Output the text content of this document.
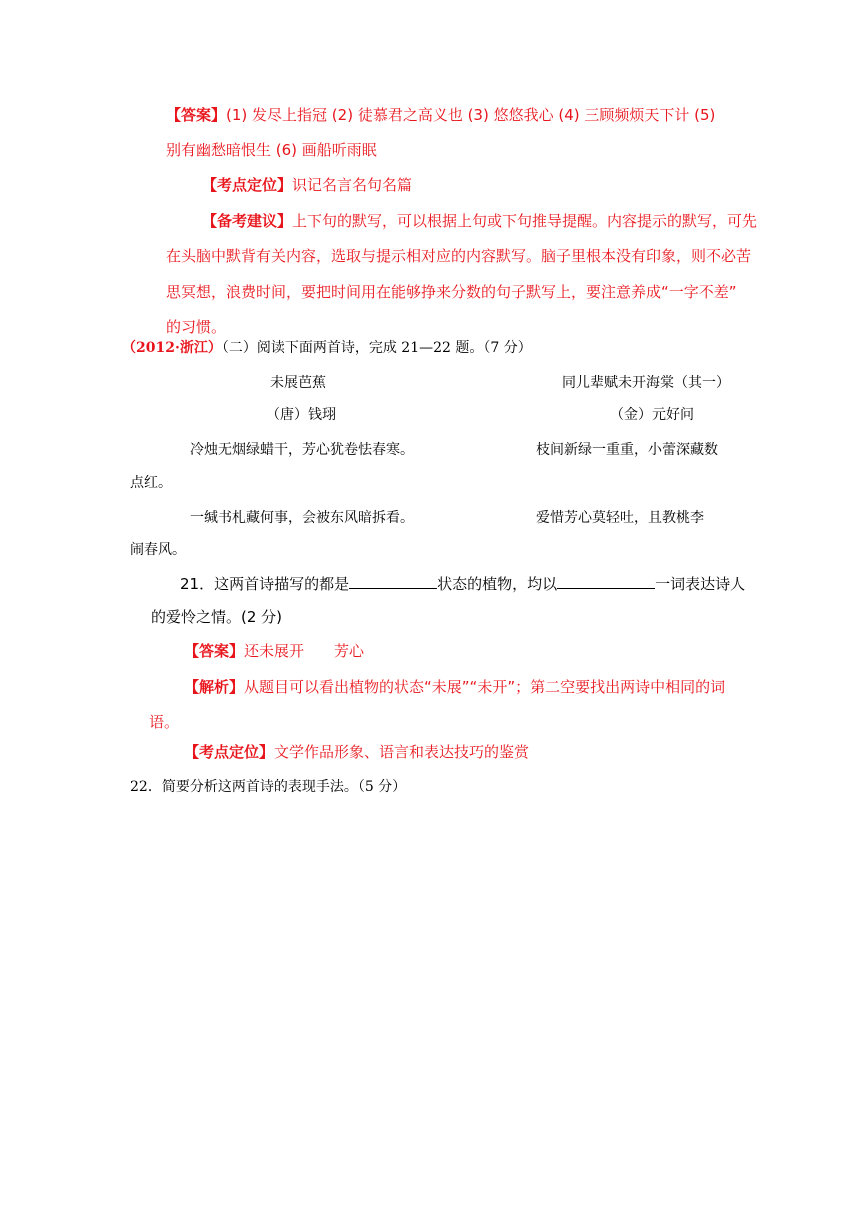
【答案】(1) 发尽上指冠 (2) 徒慕君之高义也 (3) 悠悠我心 (4) 三顾频烦天下计 (5)
别有幽愁暗恨生 (6) 画船听雨眠
【考点定位】识记名言名句名篇
【备考建议】上下句的默写，可以根据上句或下句推导提醒。内容提示的默写，可先
在头脑中默背有关内容，选取与提示相对应的内容默写。脑子里根本没有印象，则不必苦
思冥想，浪费时间，要把时间用在能够挣来分数的句子默写上，要注意养成“一字不差”
的习惯。
（2012·浙江）（二）阅读下面两首诗，完成 21—22 题。（7 分）
未展芭蕉	同儿辈赋未开海棠（其一）
（唐）钱珝	（金）元好问
冷烛无烟绿蜡干，芳心犹卷怯春寒。	枝间新绿一重重，小蕾深藏数
点红。
一缄书札藏何事，会被东风暗拆看。	爱惜芳心莫轻吐，且教桃李
闹春风。
21．这两首诗描写的都是	状态的植物，均以	一词表达诗人
的爱怜之情。(2 分)
【答案】还未展开 芳心
【解析】从题目可以看出植物的状态“未展”“未开”；第二空要找出两诗中相同的词
语。
【考点定位】文学作品形象、语言和表达技巧的鉴赏
22．简要分析这两首诗的表现手法。（5 分）
